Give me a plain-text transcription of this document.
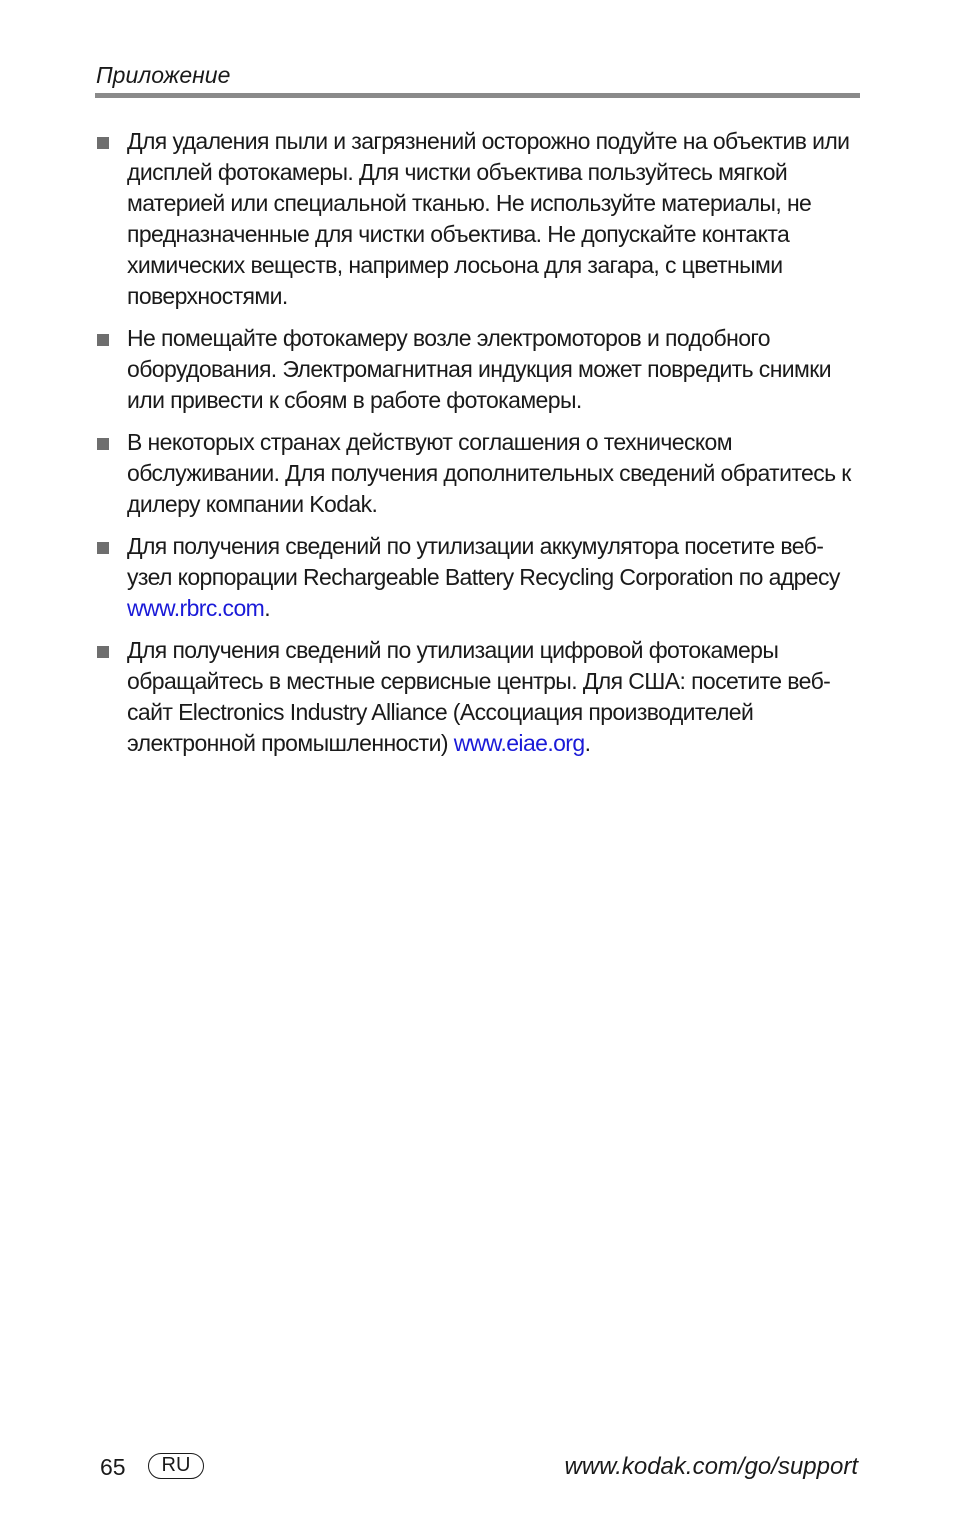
Приложение
Для удаления пыли и загрязнений осторожно подуйте на объектив или дисплей фотокамеры. Для чистки объектива пользуйтесь мягкой материей или специальной тканью. Не используйте материалы, не предназначенные для чистки объектива. Не допускайте контакта химических веществ, например лосьона для загара, с цветными поверхностями.
Не помещайте фотокамеру возле электромоторов и подобного оборудования. Электромагнитная индукция может повредить снимки или привести к сбоям в работе фотокамеры.
В некоторых странах действуют соглашения о техническом обслуживании. Для получения дополнительных сведений обратитесь к дилеру компании Kodak.
Для получения сведений по утилизации аккумулятора посетите веб-узел корпорации Rechargeable Battery Recycling Corporation по адресу www.rbrc.com.
Для получения сведений по утилизации цифровой фотокамеры обращайтесь в местные сервисные центры. Для США: посетите веб-сайт Electronics Industry Alliance (Ассоциация производителей электронной промышленности) www.eiae.org.
65	RU	www.kodak.com/go/support
